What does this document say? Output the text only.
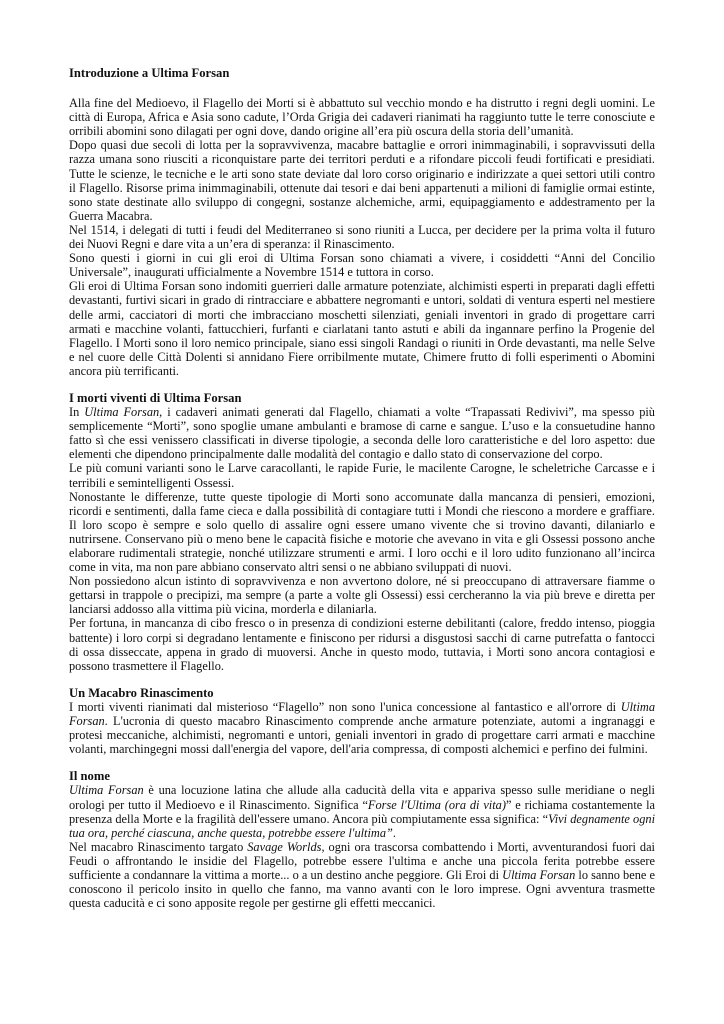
Introduzione a Ultima Forsan

Alla fine del Medioevo, il Flagello dei Morti si è abbattuto sul vecchio mondo e ha distrutto i regni degli uomini. Le città di Europa, Africa e Asia sono cadute, l’Orda Grigia dei cadaveri rianimati ha raggiunto tutte le terre conosciute e orribili abomini sono dilagati per ogni dove, dando origine all’era più oscura della storia dell’umanità.

Dopo quasi due secoli di lotta per la sopravvivenza, macabre battaglie e orrori inimmaginabili, i sopravvissuti della razza umana sono riusciti a riconquistare parte dei territori perduti e a rifondare piccoli feudi fortificati e presidiati. Tutte le scienze, le tecniche e le arti sono state deviate dal loro corso originario e indirizzate a quei settori utili contro il Flagello. Risorse prima inimmaginabili, ottenute dai tesori e dai beni appartenuti a milioni di famiglie ormai estinte, sono state destinate allo sviluppo di congegni, sostanze alchemiche, armi, equipaggiamento e addestramento per la Guerra Macabra.

Nel 1514, i delegati di tutti i feudi del Mediterraneo si sono riuniti a Lucca, per decidere per la prima volta il futuro dei Nuovi Regni e dare vita a un’era di speranza: il Rinascimento.

Sono questi i giorni in cui gli eroi di Ultima Forsan sono chiamati a vivere, i cosiddetti “Anni del Concilio Universale”, inaugurati ufficialmente a Novembre 1514 e tuttora in corso.

Gli eroi di Ultima Forsan sono indomiti guerrieri dalle armature potenziate, alchimisti esperti in preparati dagli effetti devastanti, furtivi sicari in grado di rintracciare e abbattere negromanti e untori, soldati di ventura esperti nel mestiere delle armi, cacciatori di morti che imbracciano moschetti silenziati, geniali inventori in grado di progettare carri armati e macchine volanti, fattucchieri, furfanti e ciarlatani tanto astuti e abili da ingannare perfino la Progenie del Flagello. I Morti sono il loro nemico principale, siano essi singoli Randagi o riuniti in Orde devastanti, ma nelle Selve e nel cuore delle Città Dolenti si annidano Fiere orribilmente mutate, Chimere frutto di folli esperimenti o Abomini ancora più terrificanti.

I morti viventi di Ultima Forsan

In Ultima Forsan, i cadaveri animati generati dal Flagello, chiamati a volte “Trapassati Redivivi”, ma spesso più semplicemente “Morti”, sono spoglie umane ambulanti e bramose di carne e sangue. L’uso e la consuetudine hanno fatto sì che essi venissero classificati in diverse tipologie, a seconda delle loro caratteristiche e del loro aspetto: due elementi che dipendono principalmente dalle modalità del contagio e dallo stato di conservazione del corpo.

Le più comuni varianti sono le Larve caracollanti, le rapide Furie, le macilente Carogne, le scheletriche Carcasse e i terribili e semintelligenti Ossessi.

Nonostante le differenze, tutte queste tipologie di Morti sono accomunate dalla mancanza di pensieri, emozioni, ricordi e sentimenti, dalla fame cieca e dalla possibilità di contagiare tutti i Mondi che riescono a mordere e graffiare. Il loro scopo è sempre e solo quello di assalire ogni essere umano vivente che si trovino davanti, dilaniarlo e nutrirsene. Conservano più o meno bene le capacità fisiche e motorie che avevano in vita e gli Ossessi possono anche elaborare rudimentali strategie, nonché utilizzare strumenti e armi. I loro occhi e il loro udito funzionano all’incirca come in vita, ma non pare abbiano conservato altri sensi o ne abbiano sviluppati di nuovi.

Non possiedono alcun istinto di sopravvivenza e non avvertono dolore, né si preoccupano di attraversare fiamme o gettarsi in trappole o precipizi, ma sempre (a parte a volte gli Ossessi) essi cercheranno la via più breve e diretta per lanciarsi addosso alla vittima più vicina, morderla e dilaniarla.

Per fortuna, in mancanza di cibo fresco o in presenza di condizioni esterne debilitanti (calore, freddo intenso, pioggia battente) i loro corpi si degradano lentamente e finiscono per ridursi a disgustosi sacchi di carne putrefatta o fantocci di ossa disseccate, appena in grado di muoversi. Anche in questo modo, tuttavia, i Morti sono ancora contagiosi e possono trasmettere il Flagello.

Un Macabro Rinascimento

I morti viventi rianimati dal misterioso “Flagello” non sono l'unica concessione al fantastico e all'orrore di Ultima Forsan. L'ucronia di questo macabro Rinascimento comprende anche armature potenziate, automi a ingranaggi e protesi meccaniche, alchimisti, negromanti e untori, geniali inventori in grado di progettare carri armati e macchine volanti, marchingegni mossi dall'energia del vapore, dell'aria compressa, di composti alchemici e perfino dei fulmini.

Il nome

Ultima Forsan è una locuzione latina che allude alla caducità della vita e appariva spesso sulle meridiane o negli orologi per tutto il Medioevo e il Rinascimento. Significa “Forse l'Ultima (ora di vita)” e richiama costantemente la presenza della Morte e la fragilità dell'essere umano. Ancora più compiutamente essa significa: “Vivi degnamente ogni tua ora, perché ciascuna, anche questa, potrebbe essere l'ultima”.

Nel macabro Rinascimento targato Savage Worlds, ogni ora trascorsa combattendo i Morti, avventurandosi fuori dai Feudi o affrontando le insidie del Flagello, potrebbe essere l'ultima e anche una piccola ferita potrebbe essere sufficiente a condannare la vittima a morte... o a un destino anche peggiore. Gli Eroi di Ultima Forsan lo sanno bene e conoscono il pericolo insito in quello che fanno, ma vanno avanti con le loro imprese. Ogni avventura trasmette questa caducità e ci sono apposite regole per gestirne gli effetti meccanici.
